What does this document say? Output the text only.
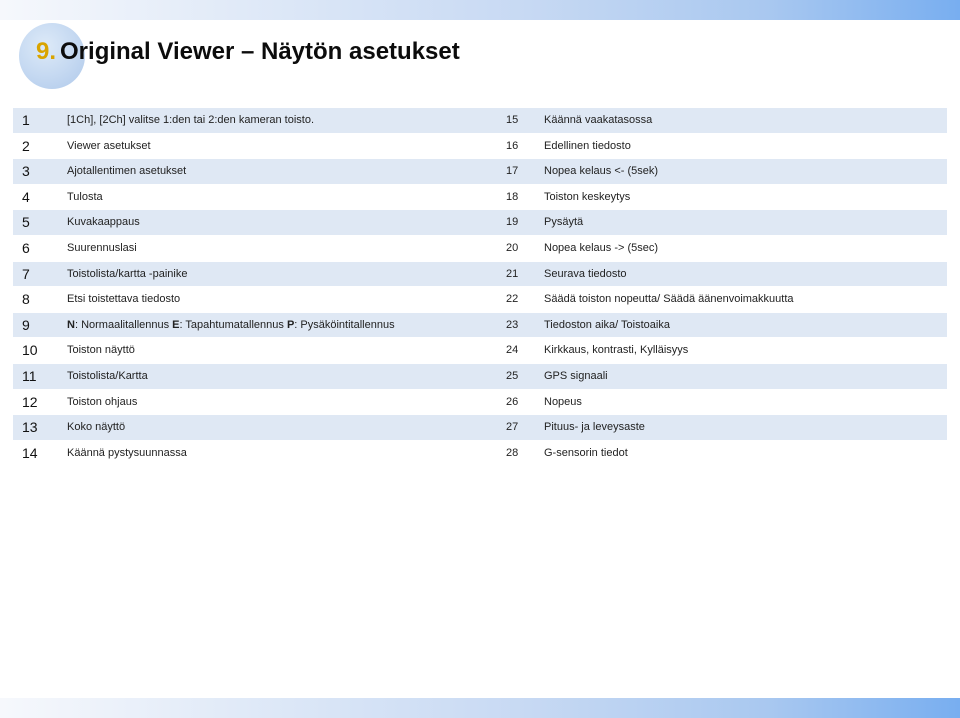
9. Original Viewer – Näytön asetukset
1	[1Ch], [2Ch] valitse 1:den tai 2:den kameran toisto.	15	Käännä vaakatasossa
2	Viewer asetukset	16	Edellinen tiedosto
3	Ajotallentimen asetukset	17	Nopea kelaus <- (5sek)
4	Tulosta	18	Toiston keskeytys
5	Kuvakaappaus	19	Pysäytä
6	Suurennuslasi	20	Nopea kelaus -> (5sec)
7	Toistolista/kartta -painike	21	Seurava tiedosto
8	Etsi toistettava tiedosto	22	Säädä toiston nopeutta/ Säädä äänenvoimakkuutta
9	N: Normaalitallennus E: Tapahtumatallennus P: Pysäköintitallennus	23	Tiedoston aika/ Toistoaika
10	Toiston näyttö	24	Kirkkaus, kontrasti, Kylläisyys
11	Toistolista/Kartta	25	GPS signaali
12	Toiston ohjaus	26	Nopeus
13	Koko näyttö	27	Pituus- ja leveysaste
14	Käännä pystysuunnassa	28	G-sensorin tiedot
